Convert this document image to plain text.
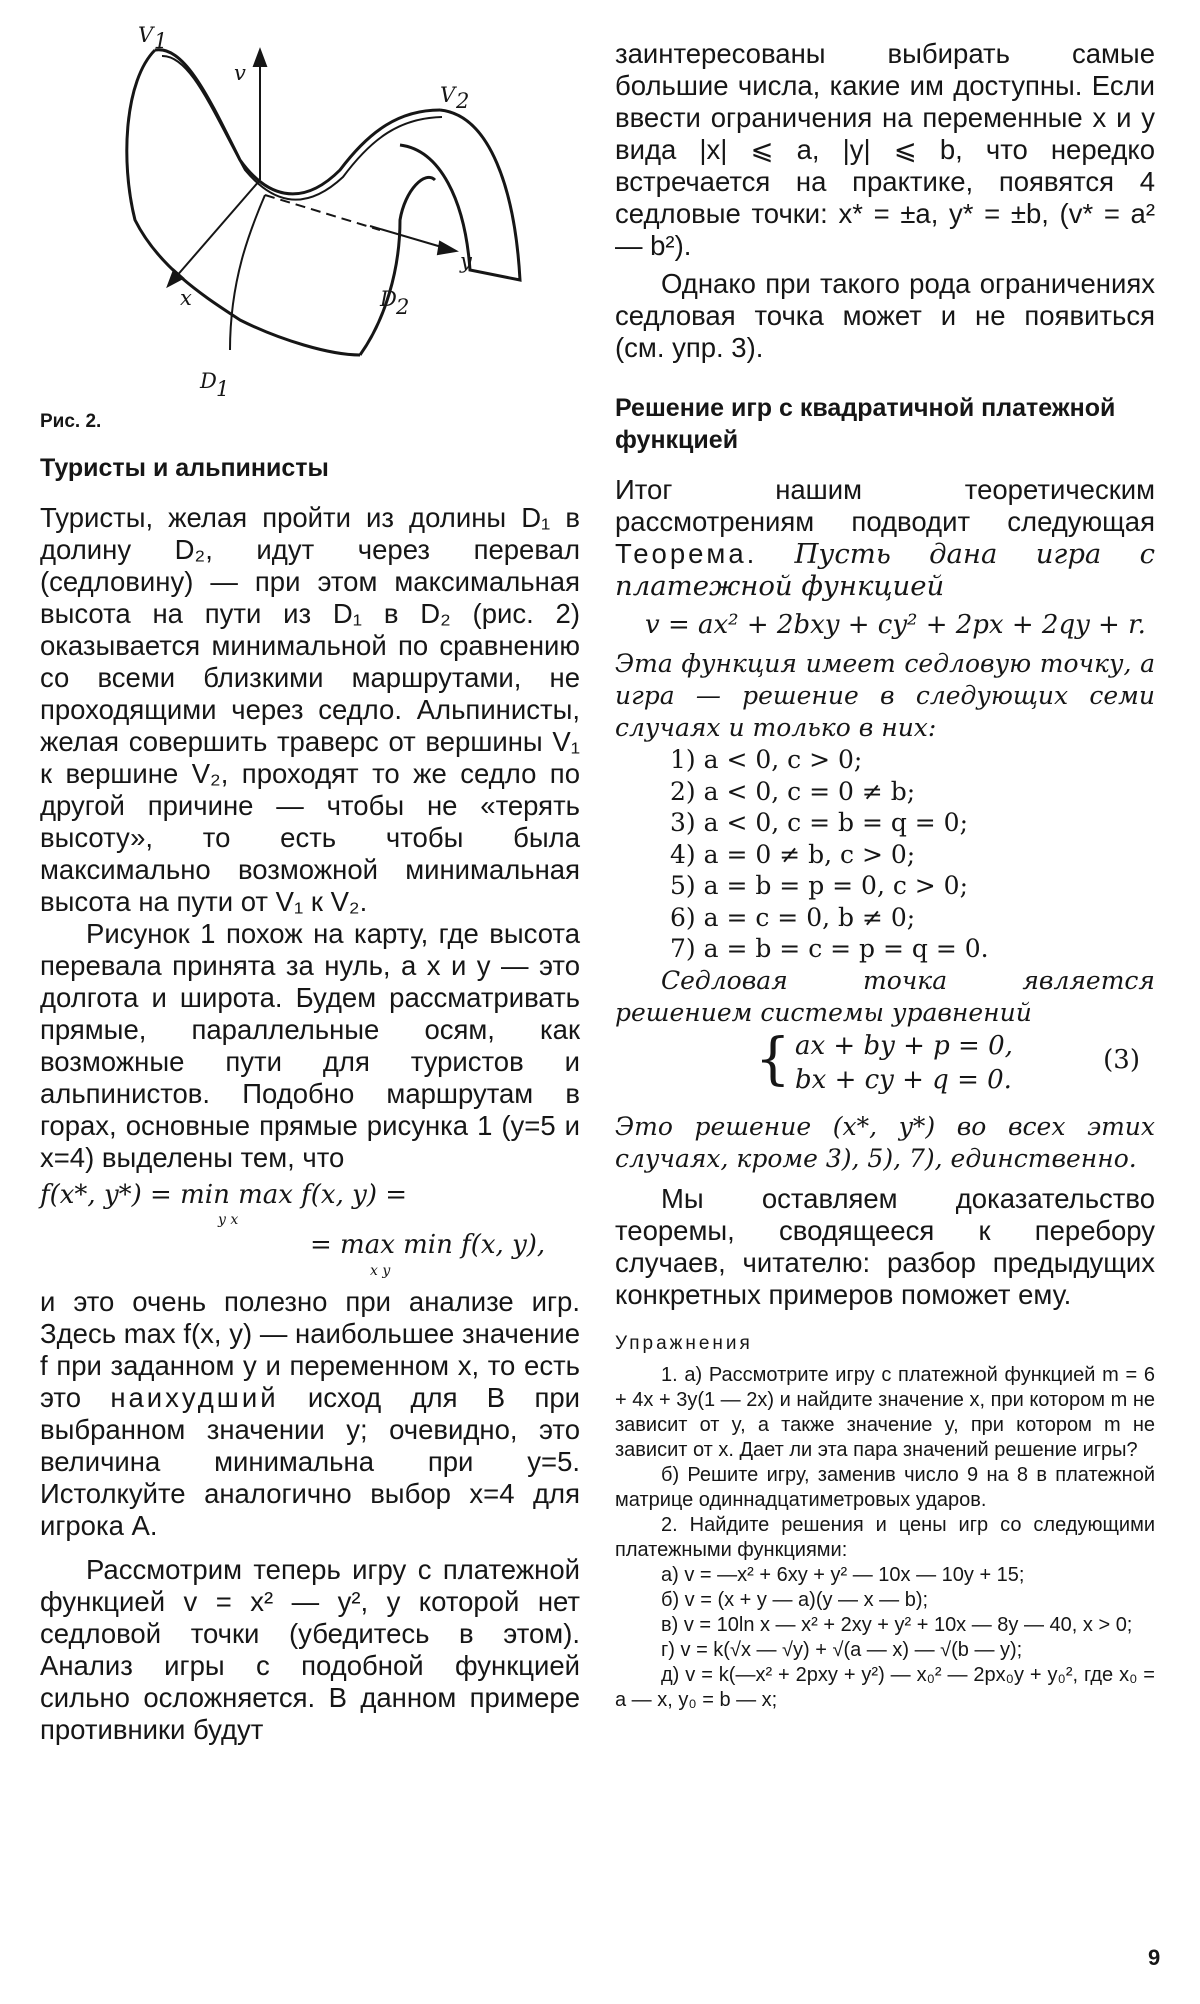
V 1
V 2
v
x
y
D 1
D 2
Рис. 2.
Туристы и альпинисты

Туристы, желая пройти из долины D₁ в долину D₂, идут через перевал (седловину) — при этом максимальная высота на пути из D₁ в D₂ (рис. 2) оказывается минимальной по сравнению со всеми близкими маршрутами, не проходящими через седло. Альпинисты, желая совершить траверс от вершины V₁ к вершине V₂, проходят то же седло по другой причине — чтобы не «терять высоту», то есть чтобы была максимально возможной минимальная высота на пути от V₁ к V₂.

Рисунок 1 похож на карту, где высота перевала принята за нуль, а x и y — это долгота и широта. Будем рассматривать прямые, параллельные осям, как возможные пути для туристов и альпинистов. Подобно маршрутам в горах, основные прямые рисунка 1 (y=5 и x=4) выделены тем, что

f(x*, y*) = min max f(x, y) =
y x
= max min f(x, y),
x y

и это очень полезно при анализе игр. Здесь max f(x, y) — наибольшее значение f при заданном y и переменном x, то есть это наихудший исход для B при выбранном значении y; очевидно, это величина минимальна при y=5. Истолкуйте аналогично выбор x=4 для игрока A.

Рассмотрим теперь игру с платежной функцией v = x² — y², у которой нет седловой точки (убедитесь в этом). Анализ игры с подобной функцией сильно осложняется. В данном примере противники будут

заинтересованы выбирать самые большие числа, какие им доступны. Если ввести ограничения на переменные x и y вида |x| ⩽ a, |y| ⩽ b, что нередко встречается на практике, появятся 4 седловые точки: x* = ±a, y* = ±b, (v* = a² — b²).

Однако при такого рода ограничениях седловая точка может и не появиться (см. упр. 3).

Решение игр с квадратичной платежной функцией

Итог нашим теоретическим рассмотрениям подводит следующая Теорема. Пусть дана игра с платежной функцией

v = ax² + 2bxy + cy² + 2px + 2qy + r.

Эта функция имеет седловую точку, а игра — решение в следующих семи случаях и только в них:

1) a < 0, c > 0;
2) a < 0, c = 0 ≠ b;
3) a < 0, c = b = q = 0;
4) a = 0 ≠ b, c > 0;
5) a = b = p = 0, c > 0;
6) a = c = 0, b ≠ 0;
7) a = b = c = p = q = 0.

Седловая точка является решением системы уравнений

{ ax + by + p = 0,
bx + cy + q = 0.
(3)

Это решение (x*, y*) во всех этих случаях, кроме 3), 5), 7), единственно.

Мы оставляем доказательство теоремы, сводящееся к перебору случаев, читателю: разбор предыдущих конкретных примеров поможет ему.

Упражнения

1. а) Рассмотрите игру с платежной функцией m = 6 + 4x + 3y(1 — 2x) и найдите значение x, при котором m не зависит от y, а также значение y, при котором m не зависит от x. Дает ли эта пара значений решение игры?

б) Решите игру, заменив число 9 на 8 в платежной матрице одиннадцатиметровых ударов.

2. Найдите решения и цены игр со следующими платежными функциями:

а) v = —x² + 6xy + y² — 10x — 10y + 15;

б) v = (x + y — a)(y — x — b);

в) v = 10ln x — x² + 2xy + y² + 10x — 8y — 40, x > 0;

г) v = k(√x — √y) + √(a — x) — √(b — y);

д) v = k(—x² + 2pxy + y²) — x₀² — 2px₀y + y₀², где x₀ = a — x, y₀ = b — x;

9
